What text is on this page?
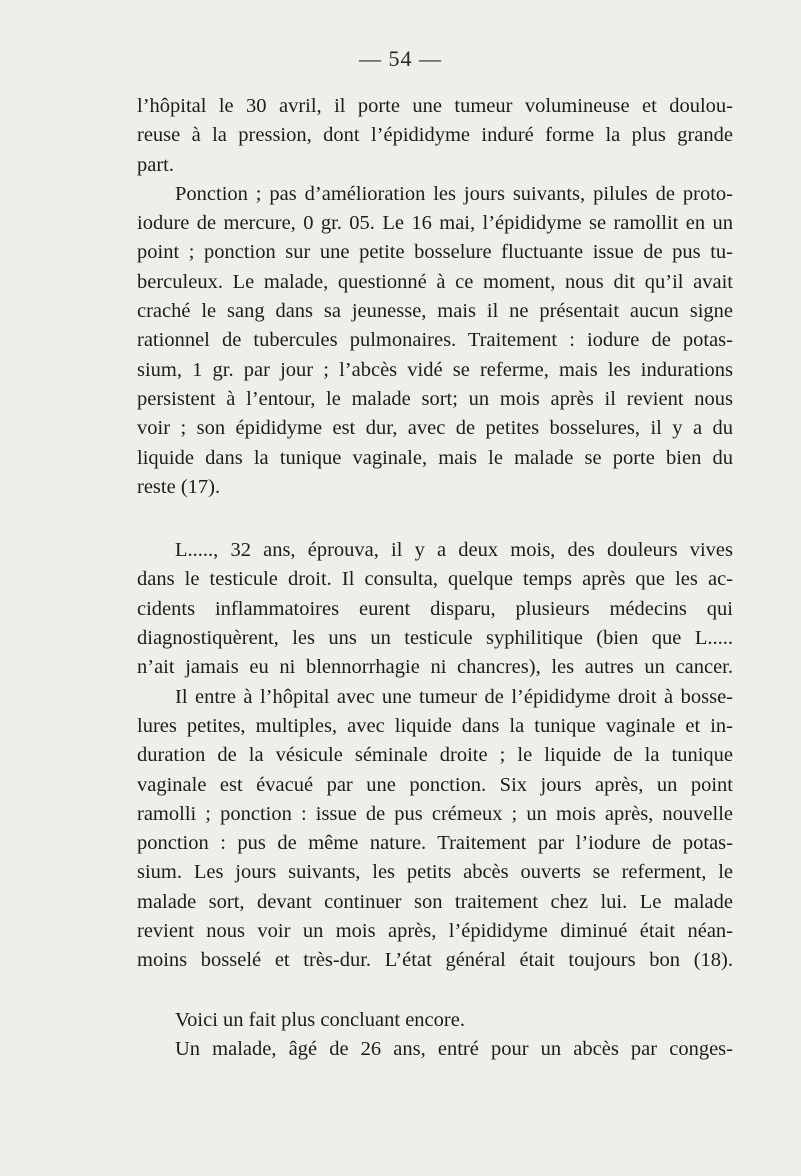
— 54 —
l’hôpital le 30 avril, il porte une tumeur volumineuse et doulou-
reuse à la pression, dont l’épididyme induré forme la plus grande
part.
Ponction ; pas d’amélioration les jours suivants, pilules de proto-
iodure de mercure, 0 gr. 05. Le 16 mai, l’épididyme se ramollit en un
point ; ponction sur une petite bosselure fluctuante issue de pus tu-
berculeux. Le malade, questionné à ce moment, nous dit qu’il avait
craché le sang dans sa jeunesse, mais il ne présentait aucun signe
rationnel de tubercules pulmonaires. Traitement : iodure de potas-
sium, 1 gr. par jour ; l’abcès vidé se referme, mais les indurations
persistent à l’entour, le malade sort; un mois après il revient nous
voir ; son épididyme est dur, avec de petites bosselures, il y a du
liquide dans la tunique vaginale, mais le malade se porte bien du
reste (17).
L....., 32 ans, éprouva, il y a deux mois, des douleurs vives
dans le testicule droit. Il consulta, quelque temps après que les ac-
cidents inflammatoires eurent disparu, plusieurs médecins qui
diagnostiquèrent, les uns un testicule syphilitique (bien que L.....
n’ait jamais eu ni blennorrhagie ni chancres), les autres un cancer.
Il entre à l’hôpital avec une tumeur de l’épididyme droit à bosse-
lures petites, multiples, avec liquide dans la tunique vaginale et in-
duration de la vésicule séminale droite ; le liquide de la tunique
vaginale est évacué par une ponction. Six jours après, un point
ramolli ; ponction : issue de pus crémeux ; un mois après, nouvelle
ponction : pus de même nature. Traitement par l’iodure de potas-
sium. Les jours suivants, les petits abcès ouverts se referment, le
malade sort, devant continuer son traitement chez lui. Le malade
revient nous voir un mois après, l’épididyme diminué était néan-
moins bosselé et très-dur. L’état général était toujours bon (18).
Voici un fait plus concluant encore.
Un malade, âgé de 26 ans, entré pour un abcès par conges-
